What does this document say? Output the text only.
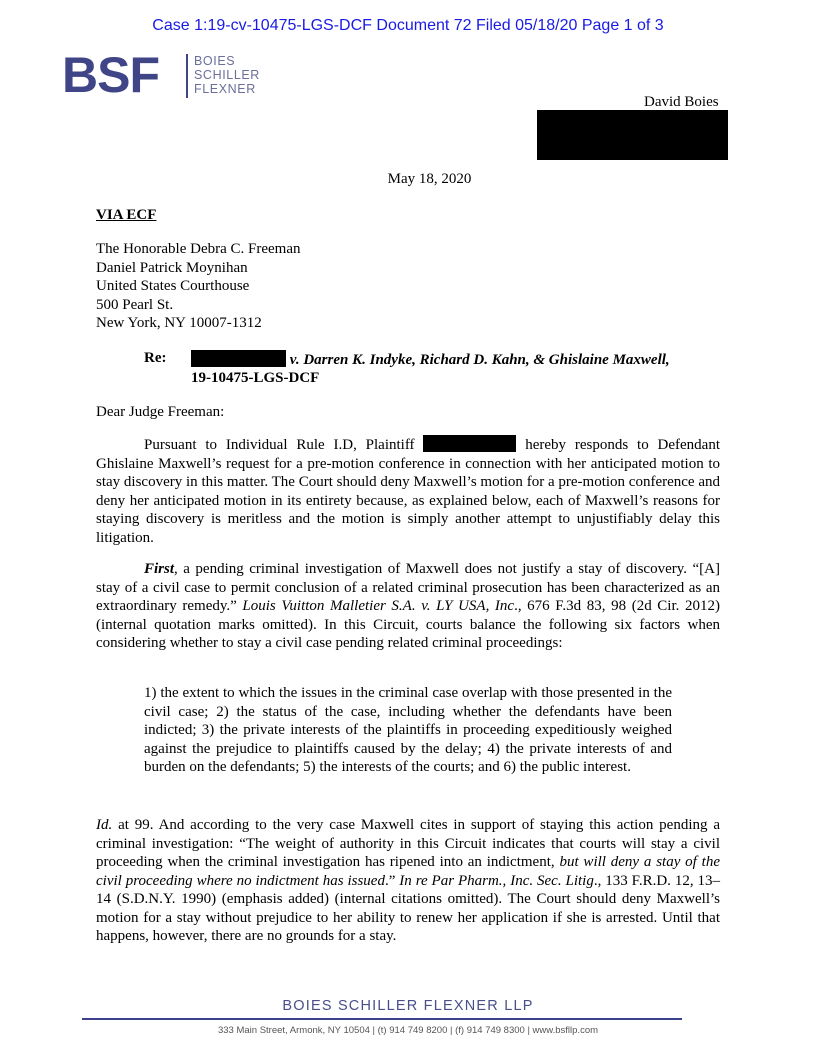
Case 1:19-cv-10475-LGS-DCF Document 72 Filed 05/18/20 Page 1 of 3
BSF	BOIES
SCHILLER
FLEXNER
David Boies
May 18, 2020
VIA ECF
The Honorable Debra C. Freeman
Daniel Patrick Moynihan
United States Courthouse
500 Pearl St.
New York, NY 10007-1312
Re:	v. Darren K. Indyke, Richard D. Kahn, & Ghislaine Maxwell,
19-10475-LGS-DCF
Dear Judge Freeman:
Pursuant to Individual Rule I.D, Plaintiff	hereby responds to Defendant Ghislaine Maxwell’s request for a pre-motion conference in connection with her anticipated motion to stay discovery in this matter. The Court should deny Maxwell’s motion for a pre-motion conference and deny her anticipated motion in its entirety because, as explained below, each of Maxwell’s reasons for staying discovery is meritless and the motion is simply another attempt to unjustifiably delay this litigation.
First, a pending criminal investigation of Maxwell does not justify a stay of discovery. “[A] stay of a civil case to permit conclusion of a related criminal prosecution has been characterized as an extraordinary remedy.” Louis Vuitton Malletier S.A. v. LY USA, Inc., 676 F.3d 83, 98 (2d Cir. 2012) (internal quotation marks omitted). In this Circuit, courts balance the following six factors when considering whether to stay a civil case pending related criminal proceedings:
1) the extent to which the issues in the criminal case overlap with those presented in the civil case; 2) the status of the case, including whether the defendants have been indicted; 3) the private interests of the plaintiffs in proceeding expeditiously weighed against the prejudice to plaintiffs caused by the delay; 4) the private interests of and burden on the defendants; 5) the interests of the courts; and 6) the public interest.
Id. at 99. And according to the very case Maxwell cites in support of staying this action pending a criminal investigation: “The weight of authority in this Circuit indicates that courts will stay a civil proceeding when the criminal investigation has ripened into an indictment, but will deny a stay of the civil proceeding where no indictment has issued.” In re Par Pharm., Inc. Sec. Litig., 133 F.R.D. 12, 13–14 (S.D.N.Y. 1990) (emphasis added) (internal citations omitted). The Court should deny Maxwell’s motion for a stay without prejudice to her ability to renew her application if she is arrested. Until that happens, however, there are no grounds for a stay.
BOIES SCHILLER FLEXNER LLP
333 Main Street, Armonk, NY 10504 | (t) 914 749 8200 | (f) 914 749 8300 | www.bsfllp.com
